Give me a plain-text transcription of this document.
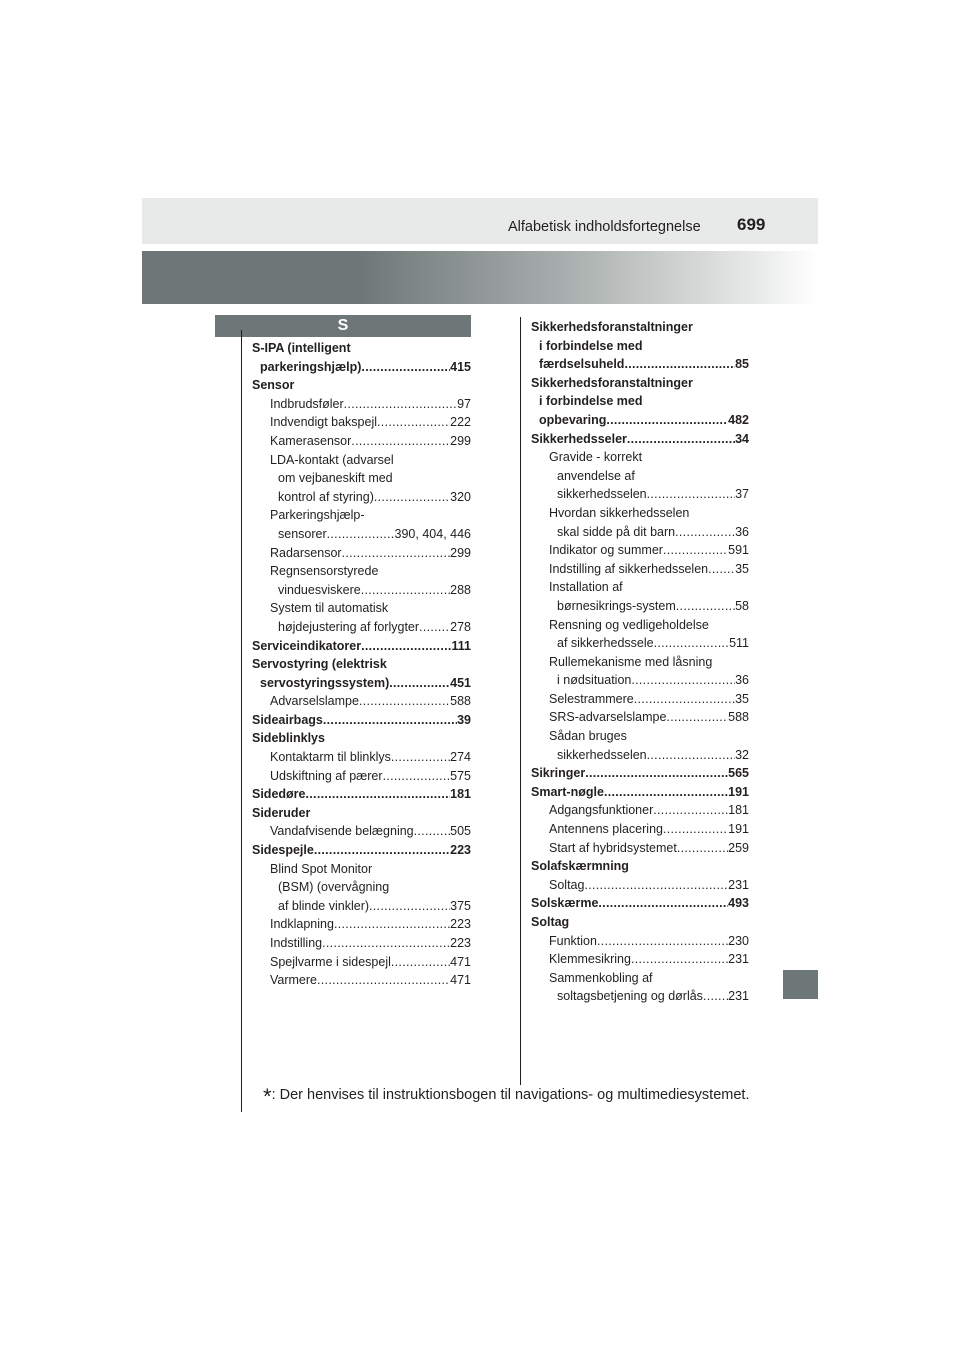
Alfabetisk indholdsfortegnelse 699
S
S-IPA (intelligent
parkeringshjælp) .....	415
Sensor
Indbrudsføler .....	97
Indvendigt bakspejl .....	222
Kamerasensor .....	299
LDA-kontakt (advarsel
om vejbaneskift med
kontrol af styring) .....	320
Parkeringshjælp-
sensorer .....	390, 404, 446
Radarsensor .....	299
Regnsensorstyrede
vinduesviskere .....	288
System til automatisk
højdejustering af forlygter ..... 278
Serviceindikatorer .....	111
Servostyring (elektrisk
servostyringssystem) .....	451
Advarselslampe .....	588
Sideairbags .....	39
Sideblinklys
Kontaktarm til blinklys .....	274
Udskiftning af pærer .....	575
Sidedøre .....	181
Sideruder
Vandafvisende belægning .....	505
Sidespejle .....	223
Blind Spot Monitor
(BSM) (overvågning
af blinde vinkler) .....	375
Indklapning .....	223
Indstilling .....	223
Spejlvarme i sidespejl .....	471
Varmere .....	471
Sikkerhedsforanstaltninger
i forbindelse med
færdselsuheld .....	85
Sikkerhedsforanstaltninger
i forbindelse med
opbevaring .....	482
Sikkerhedsseler .....	34
Gravide - korrekt
anvendelse af
sikkerhedsselen .....	37
Hvordan sikkerhedsselen
skal sidde på dit barn .....	36
Indikator og summer .....	591
Indstilling af sikkerhedsselen ..... 35
Installation af
børnesikrings-system .....	58
Rensning og vedligeholdelse
af sikkerhedssele .....	511
Rullemekanisme med låsning
i nødsituation .....	36
Selestrammere .....	35
SRS-advarselslampe .....	588
Sådan bruges
sikkerhedsselen .....	32
Sikringer .....	565
Smart-nøgle .....	191
Adgangsfunktioner .....	181
Antennens placering .....	191
Start af hybridsystemet .....	259
Solafskærmning
Soltag .....	231
Solskærme .....	493
Soltag
Funktion .....	230
Klemmesikring .....	231
Sammenkobling af
soltagsbetjening og dørlås ..... 231
*: Der henvises til instruktionsbogen til navigations- og multimediesystemet.
